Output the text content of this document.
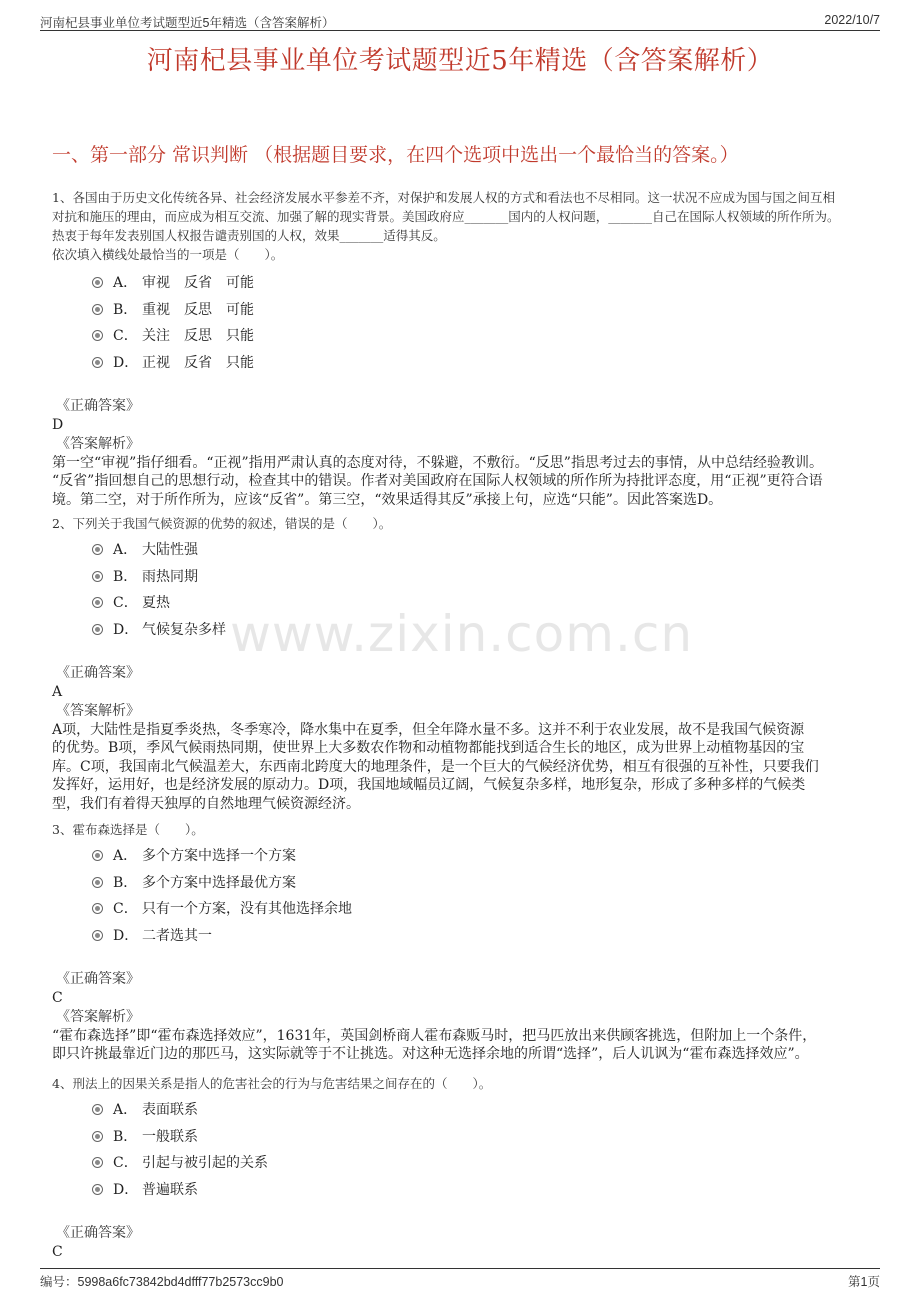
河南杞县事业单位考试题型近5年精选（含答案解析）	2022/10/7
河南杞县事业单位考试题型近5年精选（含答案解析）
一、第一部分 常识判断 （根据题目要求，在四个选项中选出一个最恰当的答案。）

1、各国由于历史文化传统各异、社会经济发展水平参差不齐，对保护和发展人权的方式和看法也不尽相同。这一状况不应成为国与国之间互相
对抗和施压的理由，而应成为相互交流、加强了解的现实背景。美国政府应_______国内的人权问题，_______自己在国际人权领域的所作所为。
热衷于每年发表别国人权报告谴责别国的人权，效果_______适得其反。
依次填入横线处最恰当的一项是（　　）。

A． 审视　反省　可能
B． 重视　反思　可能
C． 关注　反思　只能
D． 正视　反省　只能
《正确答案》
D
《答案解析》

第一空“审视”指仔细看。“正视”指用严肃认真的态度对待，不躲避，不敷衍。“反思”指思考过去的事情，从中总结经验教训。
“反省”指回想自己的思想行动，检查其中的错误。作者对美国政府在国际人权领域的所作所为持批评态度，用“正视”更符合语
境。第二空，对于所作所为，应该“反省”。第三空，“效果适得其反”承接上句，应选“只能”。因此答案选D。

2、下列关于我国气候资源的优势的叙述，错误的是（　　）。

A． 大陆性强
B． 雨热同期
C． 夏热
D． 气候复杂多样
《正确答案》
A
《答案解析》

A项，大陆性是指夏季炎热，冬季寒冷，降水集中在夏季，但全年降水量不多。这并不利于农业发展，故不是我国气候资源
的优势。B项，季风气候雨热同期，使世界上大多数农作物和动植物都能找到适合生长的地区，成为世界上动植物基因的宝
库。C项，我国南北气候温差大，东西南北跨度大的地理条件，是一个巨大的气候经济优势，相互有很强的互补性，只要我们
发挥好，运用好，也是经济发展的原动力。D项，我国地域幅员辽阔，气候复杂多样，地形复杂，形成了多种多样的气候类
型，我们有着得天独厚的自然地理气候资源经济。

3、霍布森选择是（　　）。

A． 多个方案中选择一个方案
B． 多个方案中选择最优方案
C． 只有一个方案，没有其他选择余地
D． 二者选其一
《正确答案》
C
《答案解析》

“霍布森选择”即“霍布森选择效应”，1631年，英国剑桥商人霍布森贩马时，把马匹放出来供顾客挑选，但附加上一个条件，
即只许挑最靠近门边的那匹马，这实际就等于不让挑选。对这种无选择余地的所谓“选择”，后人讥讽为“霍布森选择效应”。

4、刑法上的因果关系是指人的危害社会的行为与危害结果之间存在的（　　）。

A． 表面联系
B． 一般联系
C． 引起与被引起的关系
D． 普遍联系
《正确答案》
C
www.zixin.com.cn
编号：5998a6fc73842bd4dfff77b2573cc9b0	第1页
